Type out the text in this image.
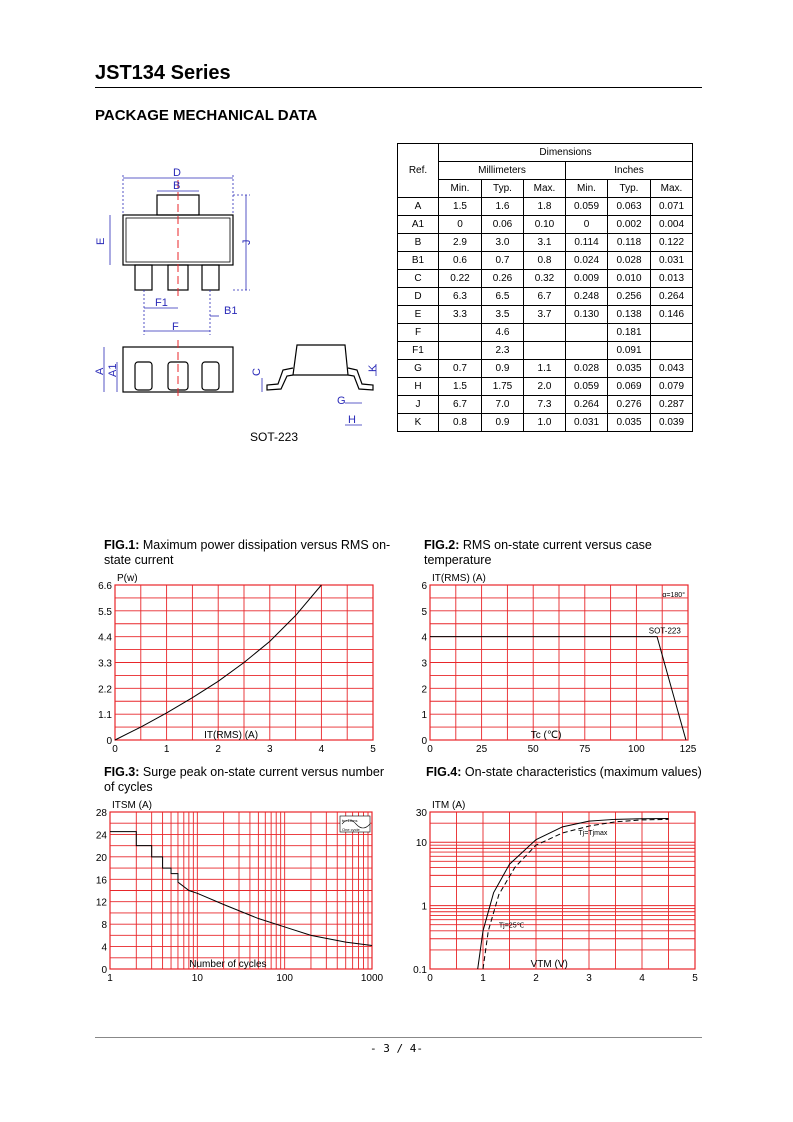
JST134 Series
PACKAGE MECHANICAL DATA
D
B
E	J
F1
B1
F
A A1	C	K
G
H
SOT-223
Ref.	Dimensions					
	Millimeters			Inches		
	Min.	Typ.	Max.	Min.	Typ.	Max.
A	1.5	1.6	1.8	0.059	0.063	0.071
A1	0	0.06	0.10	0	0.002	0.004
B	2.9	3.0	3.1	0.114	0.118	0.122
B1	0.6	0.7	0.8	0.024	0.028	0.031
C	0.22	0.26	0.32	0.009	0.010	0.013
D	6.3	6.5	6.7	0.248	0.256	0.264
E	3.3	3.5	3.7	0.130	0.138	0.146
F		4.6			0.181	
F1		2.3			0.091	
G	0.7	0.9	1.1	0.028	0.035	0.043
H	1.5	1.75	2.0	0.059	0.069	0.079
J	6.7	7.0	7.3	0.264	0.276	0.287
K	0.8	0.9	1.0	0.031	0.035	0.039
FIG.1: Maximum power dissipation versus RMS on-state current
FIG.2: RMS on-state current versus case temperature
FIG.3: Surge peak on-state current versus number of cycles
FIG.4: On-state characteristics (maximum values)
0	1	2	3	4	5
0
1.1
2.2
3.3
4.4
5.5
6.6
P(w)
IT(RMS) (A)
0	25	50	75	100	125
0
1
2
3
4
5
6
IT(RMS) (A)
Tc (℃)
α=180°
SOT-223
1	10	100	1000
0
4
8
12
16
20
24
28
ITSM (A)
Number of cycles
tp=10ms
One cycle
0	1	2	3	4	5
0.1
1
10
30
ITM (A)
VTM (V)
Tj=Tjmax
Tj=25℃
- 3 / 4-
